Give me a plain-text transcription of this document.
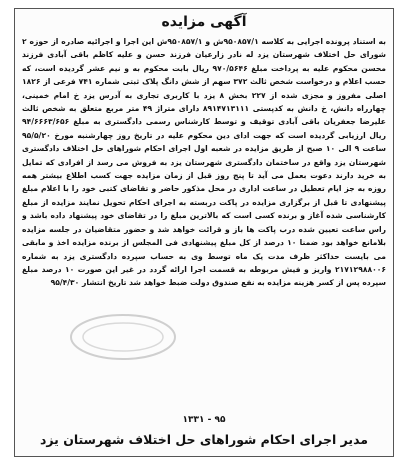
آگهی مزایده
به استناد پرونده اجرایی به کلاسه ۹۵۰۸۵۷/۱ش و ۹۵۰۸۵۷/۱ش این اجرا و اجرائیه صادره از حوزه ۲ شورای حل اختلاف شهرستان یزد له نادر زارعیان فرزند حسن و علیه کاظم باقی آبادی فرزند محسن محکوم علیه به پرداخت مبلغ ۹۷۰/۵۶۴۶ ریال بابت محکوم به و نیم عشر گردیده است، که حسب اعلام و درخواست شخص ثالث ۳۷۲ سهم از شش دانگ پلاک ثبتی شماره ۷۴۱ فرعی از ۱۸۲۶ اصلی مفروز و مجزی شده از ۲۲۷ بخش ۸ یزد با کاربری تجاری به آدرس یزد خ امام خمینی، چهارراه دانش، خ دانش به کدپستی ۸۹۱۴۷۱۳۱۱۱ دارای متراژ ۴۹ متر مربع متعلق به شخص ثالث علیرضا جعفریان باقی آبادی توقیف و توسط کارشناس رسمی دادگستری به مبلغ ۹۴/۶۶۶۳/۶۵۶ ریال ارزیابی گردیده است که جهت ادای دین محکوم علیه در تاریخ روز چهارشنبه مورخ ۹۵/۵/۲۰ ساعت ۹ الی ۱۰ صبح از طریق مزایده در شعبه اول اجرای احکام شوراهای حل اختلاف دادگستری شهرستان یزد واقع در ساختمان دادگستری شهرستان یزد به فروش می رسد از افرادی که تمایل به خرید دارند دعوت بعمل می آید تا پنج روز قبل از زمان مزایده جهت کسب اطلاع بیشتر همه روزه به جز ایام تعطیل در ساعت اداری در محل مذکور حاضر و تقاضای کتبی خود را با اعلام مبلغ پیشنهادی تا قبل از برگزاری مزایده در پاکت دربسته به اجرای احکام تحویل نمایند مزایده از مبلغ کارشناسی شده آغاز و برنده کسی است که بالاترین مبلغ را در تقاضای خود پیشنهاد داده باشد و راس ساعت تعیین شده درب پاکت ها باز و قرائت خواهد شد و حضور متقاضیان در جلسه مزایده بلامانع خواهد بود ضمنا ۱۰ درصد از کل مبلغ پیشنهادی فی المجلس از برنده مزایده اخذ و مابقی می بایست حداکثر ظرف مدت یک ماه توسط وی به حساب سپرده دادگستری یزد به شماره ۲۱۷۱۲۹۸۸۰۰۶ واریز و فیش مربوطه به قسمت اجرا ارائه گردد در غیر این صورت ۱۰ درصد مبلغ سپرده پس از کسر هزینه مزایده به نفع صندوق دولت ضبط خواهد شد تاریخ انتشار ۹۵/۴/۳۰
۱۳۳۱ - ۹۵
مدیر اجرای احکام شوراهای حل اختلاف شهرستان یزد
